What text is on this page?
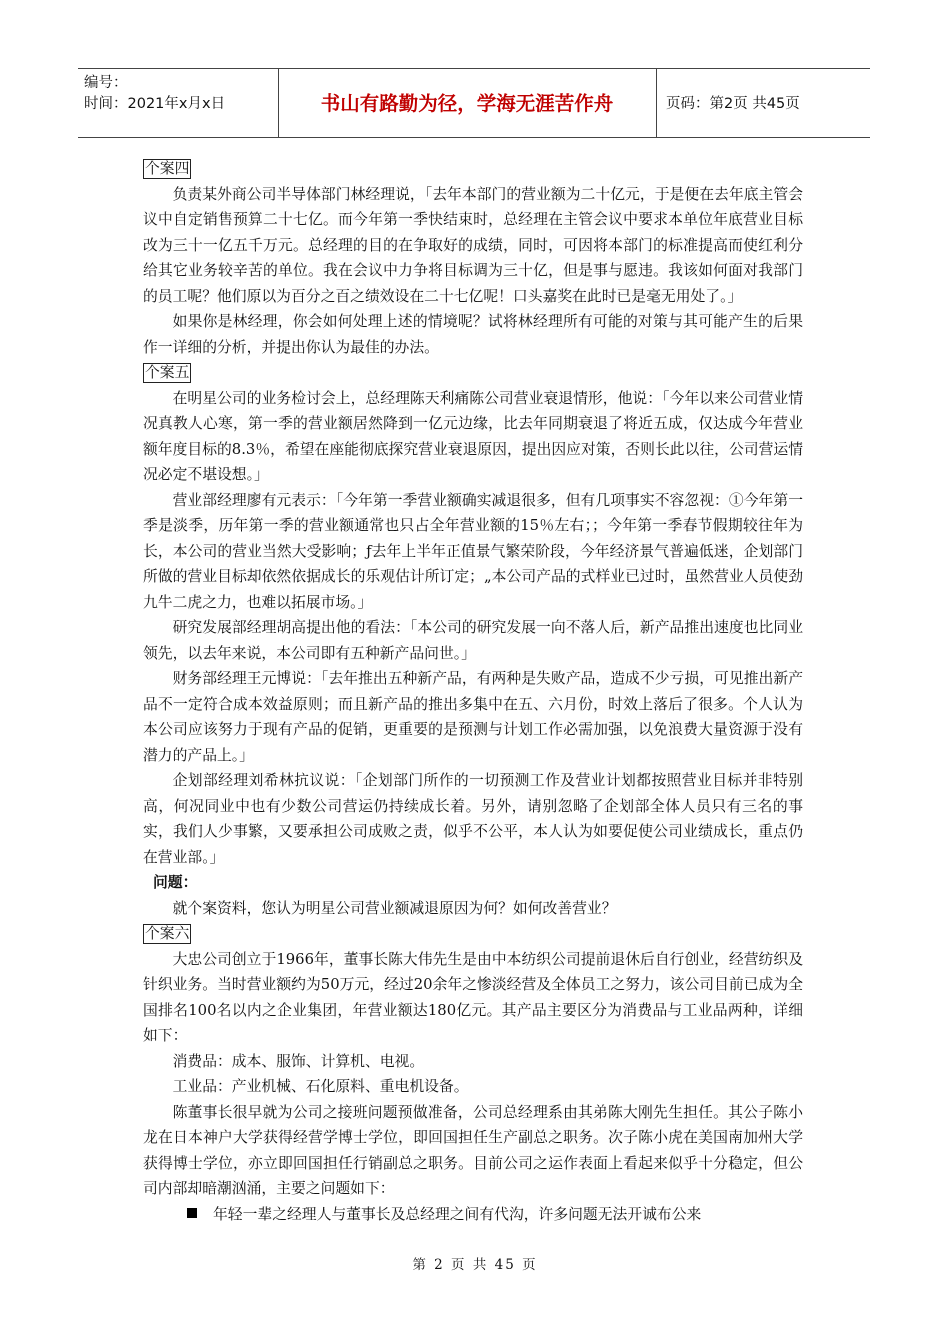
编号：
时间：2021年x月x日	书山有路勤为径，学海无涯苦作舟	页码：第2页 共45页
个案四

负责某外商公司半导体部门林经理说，「去年本部门的营业额为二十亿元，于是便在去年底主管会议中自定销售预算二十七亿。而今年第一季快结束时，总经理在主管会议中要求本单位年底营业目标改为三十一亿五千万元。总经理的目的在争取好的成绩，同时，可因将本部门的标准提高而使红利分给其它业务较辛苦的单位。我在会议中力争将目标调为三十亿，但是事与愿违。我该如何面对我部门的员工呢？他们原以为百分之百之绩效设在二十七亿呢！口头嘉奖在此时已是毫无用处了。」

如果你是林经理，你会如何处理上述的情境呢？试将林经理所有可能的对策与其可能产生的后果作一详细的分析，并提出你认为最佳的办法。

个案五

在明星公司的业务检讨会上，总经理陈天利痛陈公司营业衰退情形，他说：「今年以来公司营业情况真教人心寒，第一季的营业额居然降到一亿元边缘，比去年同期衰退了将近五成，仅达成今年营业额年度目标的8.3％，希望在座能彻底探究营业衰退原因，提出因应对策，否则长此以往，公司营运情况必定不堪设想。」

营业部经理廖有元表示：「今年第一季营业额确实减退很多，但有几项事实不容忽视：①今年第一季是淡季，历年第一季的营业额通常也只占全年营业额的15％左右；；今年第一季春节假期较往年为长，本公司的营业当然大受影响；ƒ去年上半年正值景气繁荣阶段，今年经济景气普遍低迷，企划部门所做的营业目标却依然依据成长的乐观估计所订定；„本公司产品的式样业已过时，虽然营业人员使劲九牛二虎之力，也难以拓展市场。」

研究发展部经理胡高提出他的看法：「本公司的研究发展一向不落人后，新产品推出速度也比同业领先，以去年来说，本公司即有五种新产品问世。」

财务部经理王元博说：「去年推出五种新产品，有两种是失败产品，造成不少亏损，可见推出新产品不一定符合成本效益原则；而且新产品的推出多集中在五、六月份，时效上落后了很多。个人认为本公司应该努力于现有产品的促销，更重要的是预测与计划工作必需加强，以免浪费大量资源于没有潜力的产品上。」

企划部经理刘希林抗议说：「企划部门所作的一切预测工作及营业计划都按照营业目标并非特别高，何况同业中也有少数公司营运仍持续成长着。另外，请别忽略了企划部全体人员只有三名的事实，我们人少事繁，又要承担公司成败之责，似乎不公平，本人认为如要促使公司业绩成长，重点仍在营业部。」

问题：

就个案资料，您认为明星公司营业额减退原因为何？如何改善营业？

个案六

大忠公司创立于1966年，董事长陈大伟先生是由中本纺织公司提前退休后自行创业，经营纺织及针织业务。当时营业额约为50万元，经过20余年之惨淡经营及全体员工之努力，该公司目前已成为全国排名100名以内之企业集团，年营业额达180亿元。其产品主要区分为消费品与工业品两种，详细如下：

消费品：成本、服饰、计算机、电视。

工业品：产业机械、石化原料、重电机设备。

陈董事长很早就为公司之接班问题预做准备，公司总经理系由其弟陈大刚先生担任。其公子陈小龙在日本神户大学获得经营学博士学位，即回国担任生产副总之职务。次子陈小虎在美国南加州大学获得博士学位，亦立即回国担任行销副总之职务。目前公司之运作表面上看起来似乎十分稳定，但公司内部却暗潮汹涌，主要之问题如下：

年轻一辈之经理人与董事长及总经理之间有代沟，许多问题无法开诚布公来

第 2 页 共 45 页
